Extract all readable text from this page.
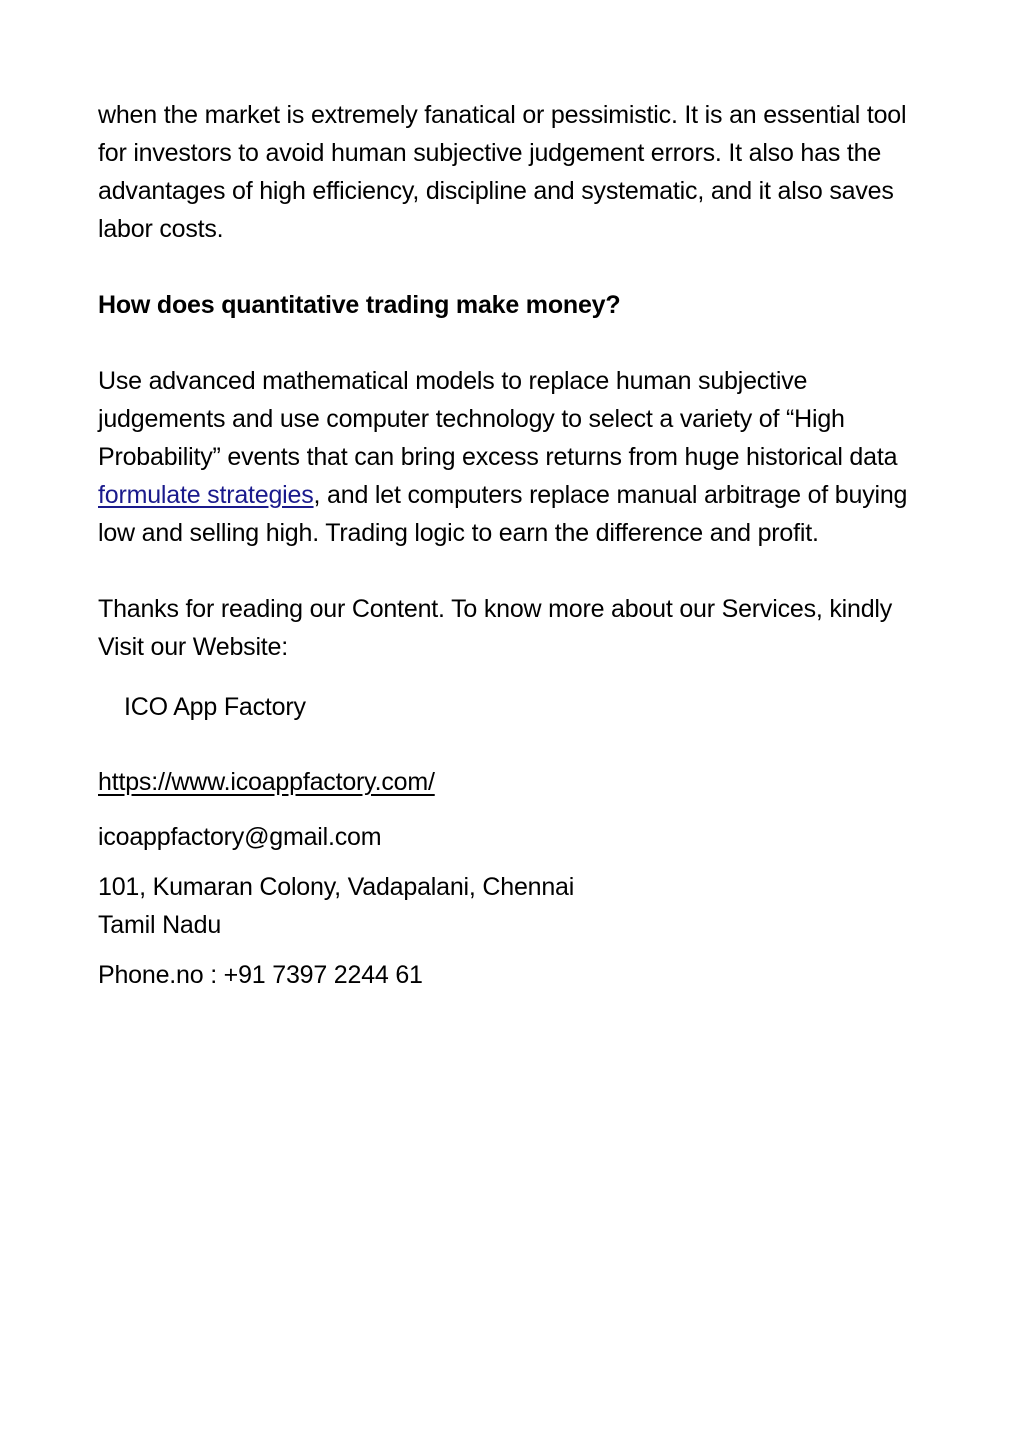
when the market is extremely fanatical or pessimistic. It is an essential tool for investors to avoid human subjective judgement errors. It also has the advantages of high efficiency, discipline and systematic, and it also saves labor costs.

How does quantitative trading make money?

Use advanced mathematical models to replace human subjective judgements and use computer technology to select a variety of “High Probability” events that can bring excess returns from huge historical data formulate strategies, and let computers replace manual arbitrage of buying low and selling high. Trading logic to earn the difference and profit.

Thanks for reading our Content. To know more about our Services, kindly Visit our Website:

ICO App Factory

https://www.icoappfactory.com/

icoappfactory@gmail.com

101, Kumaran Colony, Vadapalani, Chennai

Tamil Nadu

Phone.no : +91 7397 2244 61
